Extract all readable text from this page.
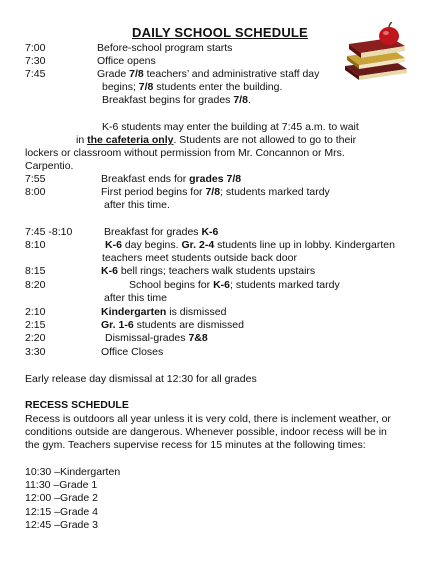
DAILY SCHOOL SCHEDULE
7:00	Before-school program starts
7:30	Office opens
7:45	Grade 7/8 teachers’ and administrative staff day
begins; 7/8 students enter the building.
Breakfast begins for grades 7/8.
K-6 students may enter the building at 7:45 a.m. to wait
in the cafeteria only. Students are not allowed to go to their
lockers or classroom without permission from Mr. Concannon or Mrs.
Carpentio.
7:55	Breakfast ends for grades 7/8
8:00	First period begins for 7/8; students marked tardy
after this time.
7:45 -8:10	Breakfast for grades K-6
8:10	K-6 day begins. Gr. 2-4 students line up in lobby. Kindergarten
teachers meet students outside back door
8:15	K-6 bell rings; teachers walk students upstairs
8:20	School begins for K-6; students marked tardy
after this time
2:10	Kindergarten is dismissed
2:15	Gr. 1-6 students are dismissed
2:20	Dismissal-grades 7&8
3:30	Office Closes
Early release day dismissal at 12:30 for all grades
RECESS SCHEDULE
Recess is outdoors all year unless it is very cold, there is inclement weather, or
conditions outside are dangerous. Whenever possible, indoor recess will be in
the gym. Teachers supervise recess for 15 minutes at the following times:
10:30 –Kindergarten
11:30 –Grade 1
12:00 –Grade 2
12:15 –Grade 4
12:45 –Grade 3
